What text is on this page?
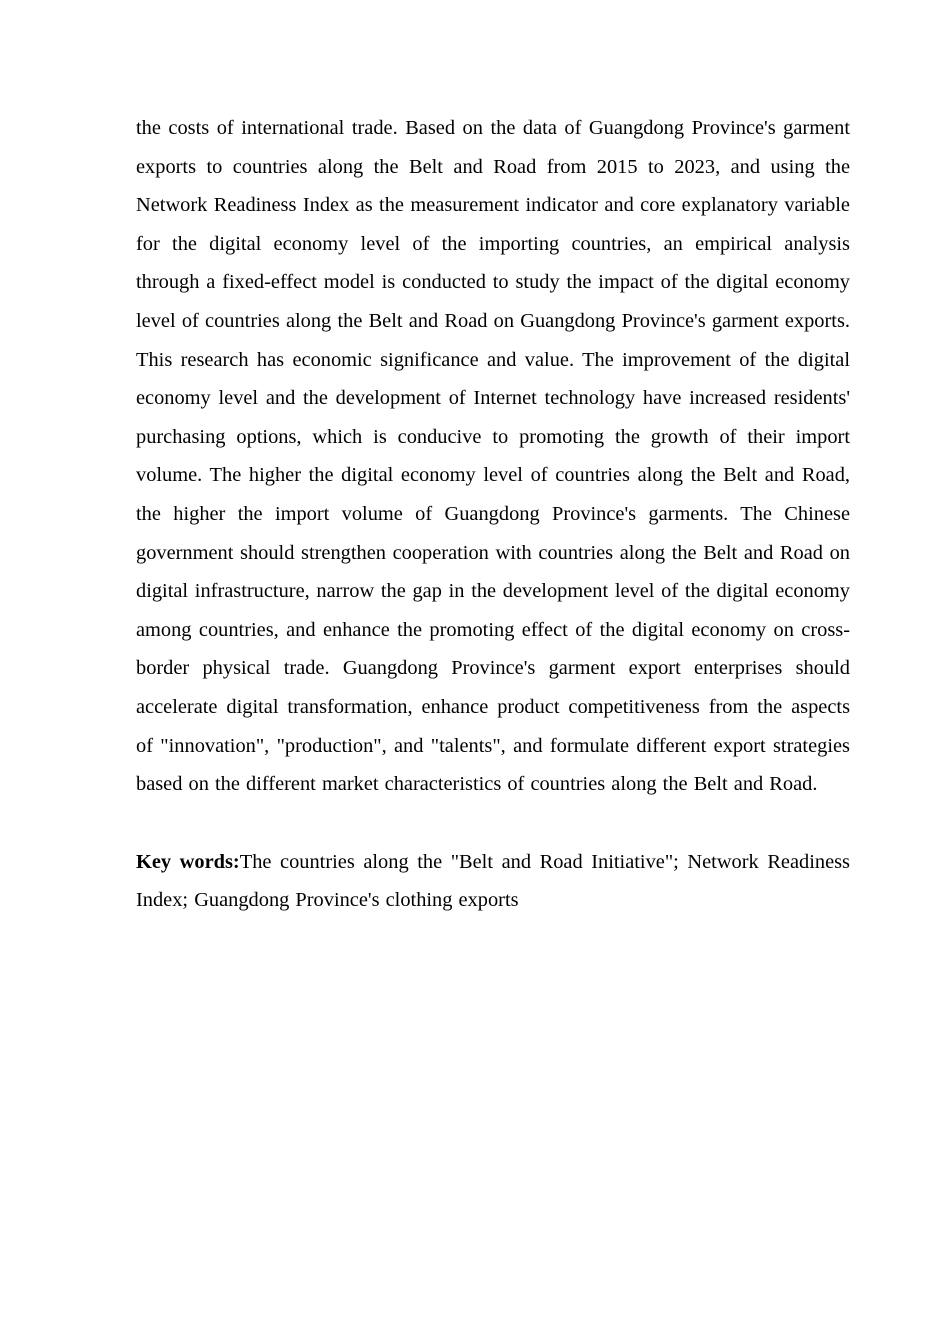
the costs of international trade. Based on the data of Guangdong Province's garment exports to countries along the Belt and Road from 2015 to 2023, and using the Network Readiness Index as the measurement indicator and core explanatory variable for the digital economy level of the importing countries, an empirical analysis through a fixed-effect model is conducted to study the impact of the digital economy level of countries along the Belt and Road on Guangdong Province's garment exports. This research has economic significance and value. The improvement of the digital economy level and the development of Internet technology have increased residents' purchasing options, which is conducive to promoting the growth of their import volume. The higher the digital economy level of countries along the Belt and Road, the higher the import volume of Guangdong Province's garments. The Chinese government should strengthen cooperation with countries along the Belt and Road on digital infrastructure, narrow the gap in the development level of the digital economy among countries, and enhance the promoting effect of the digital economy on cross-border physical trade. Guangdong Province's garment export enterprises should accelerate digital transformation, enhance product competitiveness from the aspects of "innovation", "production", and "talents", and formulate different export strategies based on the different market characteristics of countries along the Belt and Road.

Key words:The countries along the "Belt and Road Initiative"; Network Readiness Index; Guangdong Province's clothing exports
